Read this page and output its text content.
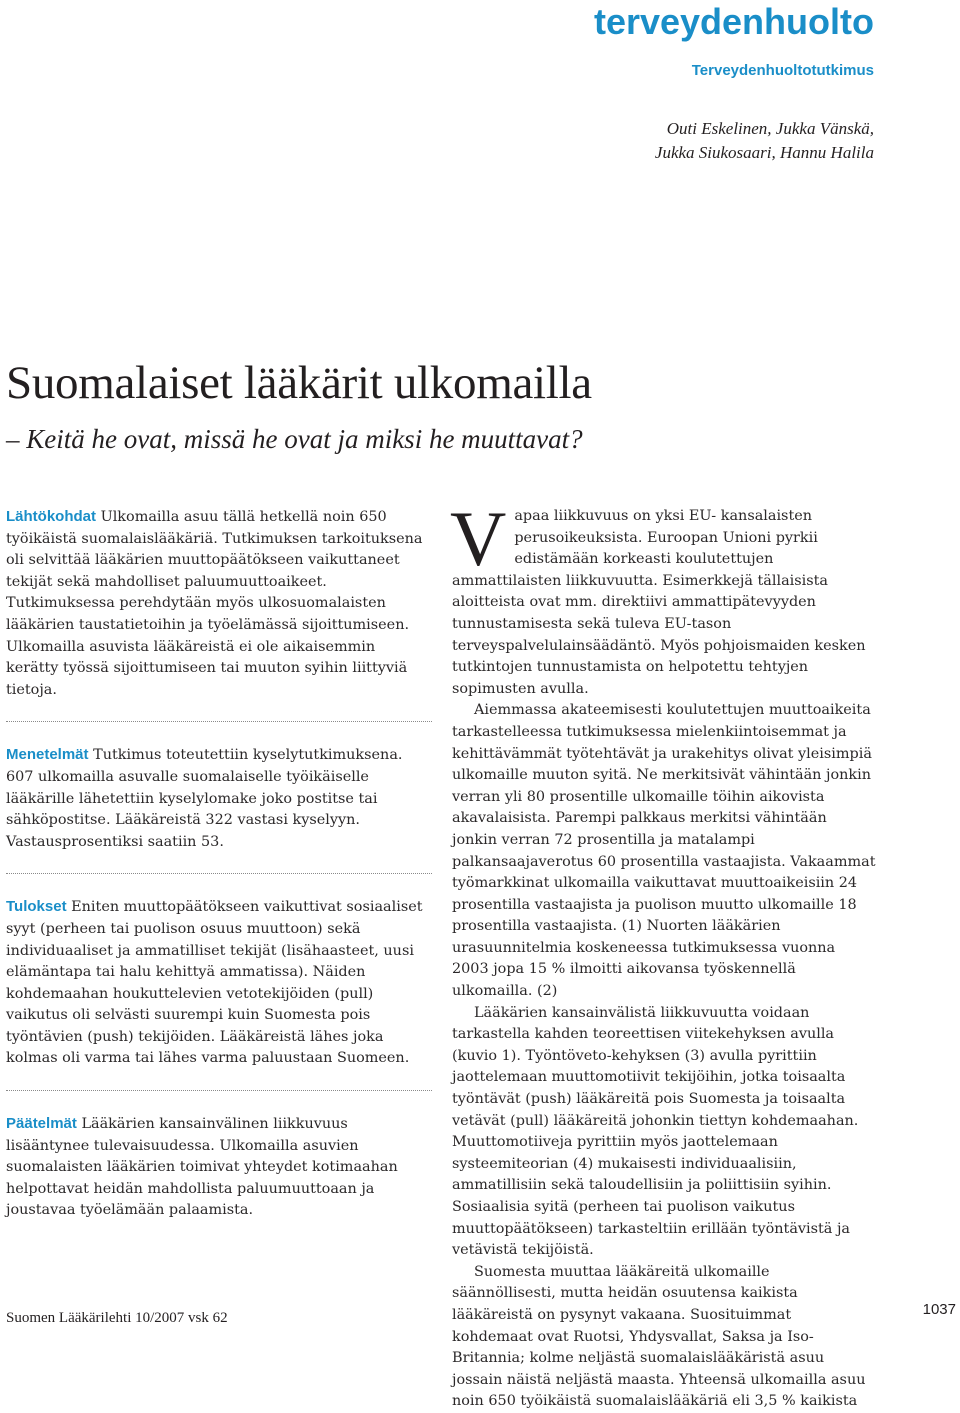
terveydenhuolto
Terveydenhuoltotutkimus
Outi Eskelinen, Jukka Vänskä,
Jukka Siukosaari, Hannu Halila
Suomalaiset lääkärit ulkomailla
– Keitä he ovat, missä he ovat ja miksi he muuttavat?

Lähtökohdat Ulkomailla asuu tällä hetkellä noin 650 työikäistä suomalaislääkäriä. Tutkimuksen tarkoituksena oli selvittää lääkärien muuttopäätökseen vaikuttaneet tekijät sekä mahdolliset paluumuuttoaikeet. Tutkimuksessa perehdytään myös ulkosuomalaisten lääkärien taustatietoihin ja työelämässä sijoittumiseen. Ulkomailla asuvista lääkäreistä ei ole aikaisemmin kerätty työssä sijoittumiseen tai muuton syihin liittyviä tietoja.

Menetelmät Tutkimus toteutettiin kyselytutkimuksena. 607 ulkomailla asuvalle suomalaiselle työikäiselle lääkärille lähetettiin kyselylomake joko postitse tai sähköpostitse. Lääkäreistä 322 vastasi kyselyyn. Vastausprosentiksi saatiin 53.

Tulokset Eniten muuttopäätökseen vaikuttivat sosiaaliset syyt (perheen tai puolison osuus muuttoon) sekä individuaaliset ja ammatilliset tekijät (lisähaasteet, uusi elämäntapa tai halu kehittyä ammatissa). Näiden kohdemaahan houkuttelevien vetotekijöiden (pull) vaikutus oli selvästi suurempi kuin Suomesta pois työntävien (push) tekijöiden. Lääkäreistä lähes joka kolmas oli varma tai lähes varma paluustaan Suomeen.

Päätelmät Lääkärien kansainvälinen liikkuvuus lisääntynee tulevaisuudessa. Ulkomailla asuvien suomalaisten lääkärien toimivat yhteydet kotimaahan helpottavat heidän mahdollista paluumuuttoaan ja joustavaa työelämään palaamista.

Vapaa liikkuvuus on yksi EU- kansalaisten perusoikeuksista. Euroopan Unioni pyrkii edistämään korkeasti koulutettujen ammattilaisten liikkuvuutta. Esimerkkejä tällaisista aloitteista ovat mm. direktiivi ammattipätevyyden tunnustamisesta sekä tuleva EU-tason terveyspalvelulainsäädäntö. Myös pohjoismaiden kesken tutkintojen tunnustamista on helpotettu tehtyjen sopimusten avulla.

Aiemmassa akateemisesti koulutettujen muuttoaikeita tarkastelleessa tutkimuksessa mielenkiintoisemmat ja kehittävämmät työtehtävät ja urakehitys olivat yleisimpiä ulkomaille muuton syitä. Ne merkitsivät vähintään jonkin verran yli 80 prosentille ulkomaille töihin aikovista akavalaisista. Parempi palkkaus merkitsi vähintään jonkin verran 72 prosentilla ja matalampi palkansaajaverotus 60 prosentilla vastaajista. Vakaammat työmarkkinat ulkomailla vaikuttavat muuttoaikeisiin 24 prosentilla vastaajista ja puolison muutto ulkomaille 18 prosentilla vastaajista. (1) Nuorten lääkärien urasuunnitelmia koskeneessa tutkimuksessa vuonna 2003 jopa 15 % ilmoitti aikovansa työskennellä ulkomailla. (2)

Lääkärien kansainvälistä liikkuvuutta voidaan tarkastella kahden teoreettisen viitekehyksen avulla (kuvio 1). Työntöveto-kehyksen (3) avulla pyrittiin jaottelemaan muuttomotiivit tekijöihin, jotka toisaalta työntävät (push) lääkäreitä pois Suomesta ja toisaalta vetävät (pull) lääkäreitä johonkin tiettyn kohdemaahan. Muuttomotiiveja pyrittiin myös jaottelemaan systeemiteorian (4) mukaisesti individuaalisiin, ammatillisiin sekä taloudellisiin ja poliittisiin syihin. Sosiaalisia syitä (perheen tai puolison vaikutus muuttopäätökseen) tarkasteltiin erillään työntävistä ja vetävistä tekijöistä.

Suomesta muuttaa lääkäreitä ulkomaille säännöllisesti, mutta heidän osuutensa kaikista lääkäreistä on pysynyt vakaana. Suosituimmat kohdemaat ovat Ruotsi, Yhdysvallat, Saksa ja Iso-Britannia; kolme neljästä suomalaislääkäristä asuu jossain näistä neljästä maasta. Yhteensä ulkomailla asuu noin 650 työikäistä suomalaislääkäriä eli 3,5 % kaikista

Suomen Lääkärilehti 10/2007 vsk 62	1037
